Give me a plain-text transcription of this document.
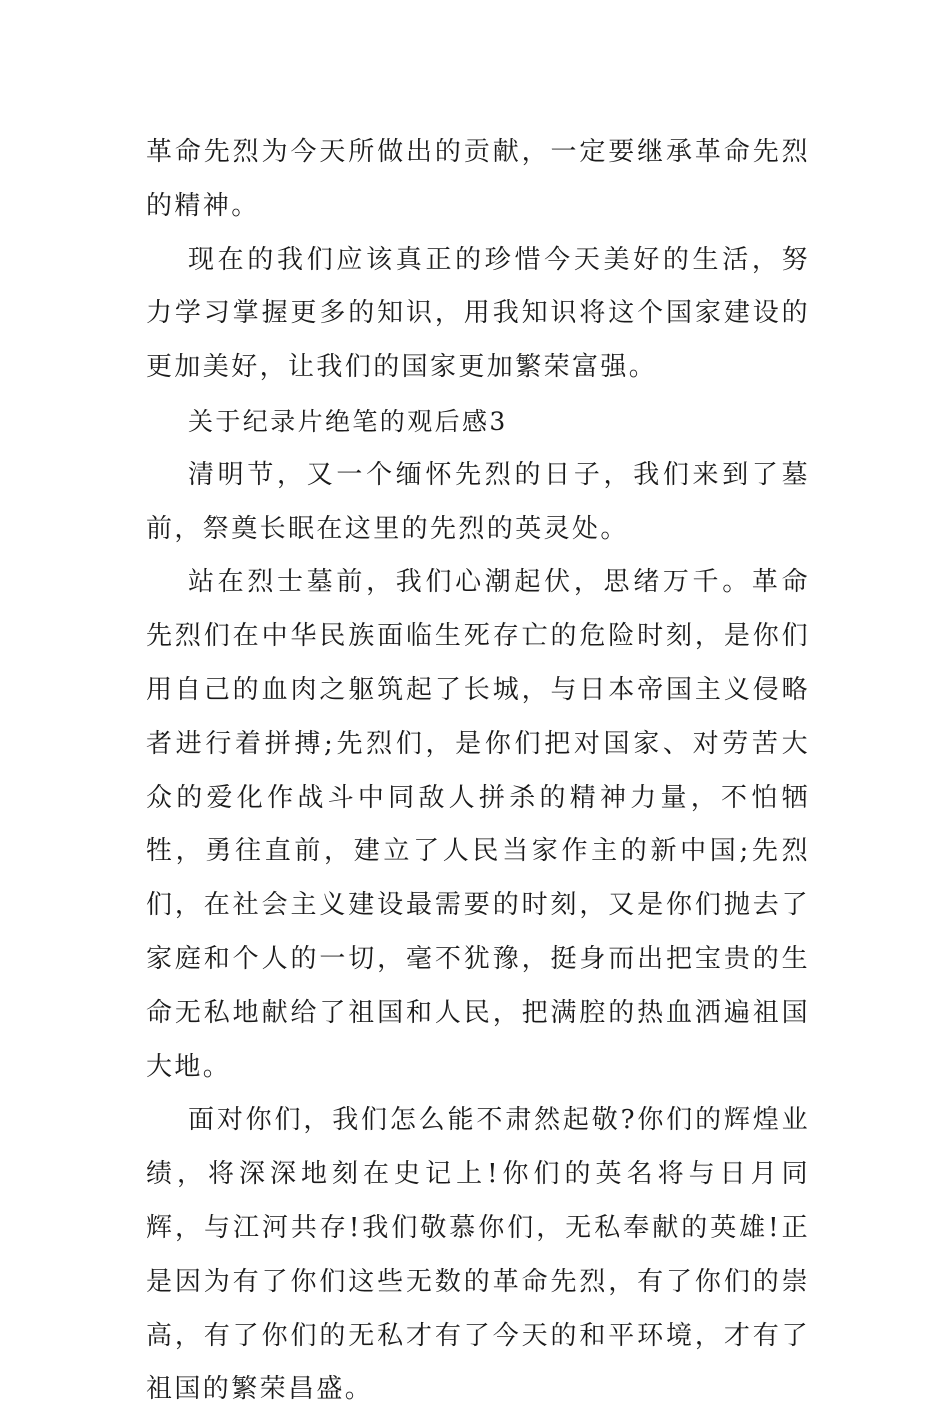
革命先烈为今天所做出的贡献，一定要继承革命先烈的精神。

现在的我们应该真正的珍惜今天美好的生活，努力学习掌握更多的知识，用我知识将这个国家建设的更加美好，让我们的国家更加繁荣富强。

关于纪录片绝笔的观后感3

清明节，又一个缅怀先烈的日子，我们来到了墓前，祭奠长眠在这里的先烈的英灵处。

站在烈士墓前，我们心潮起伏，思绪万千。革命先烈们在中华民族面临生死存亡的危险时刻，是你们用自己的血肉之躯筑起了长城，与日本帝国主义侵略者进行着拼搏;先烈们，是你们把对国家、对劳苦大众的爱化作战斗中同敌人拼杀的精神力量，不怕牺牲，勇往直前，建立了人民当家作主的新中国;先烈们，在社会主义建设最需要的时刻，又是你们抛去了家庭和个人的一切，毫不犹豫，挺身而出把宝贵的生命无私地献给了祖国和人民，把满腔的热血洒遍祖国大地。

面对你们，我们怎么能不肃然起敬?你们的辉煌业绩，将深深地刻在史记上!你们的英名将与日月同辉，与江河共存!我们敬慕你们，无私奉献的英雄!正是因为有了你们这些无数的革命先烈，有了你们的崇高，有了你们的无私才有了今天的和平环境，才有了祖国的繁荣昌盛。
